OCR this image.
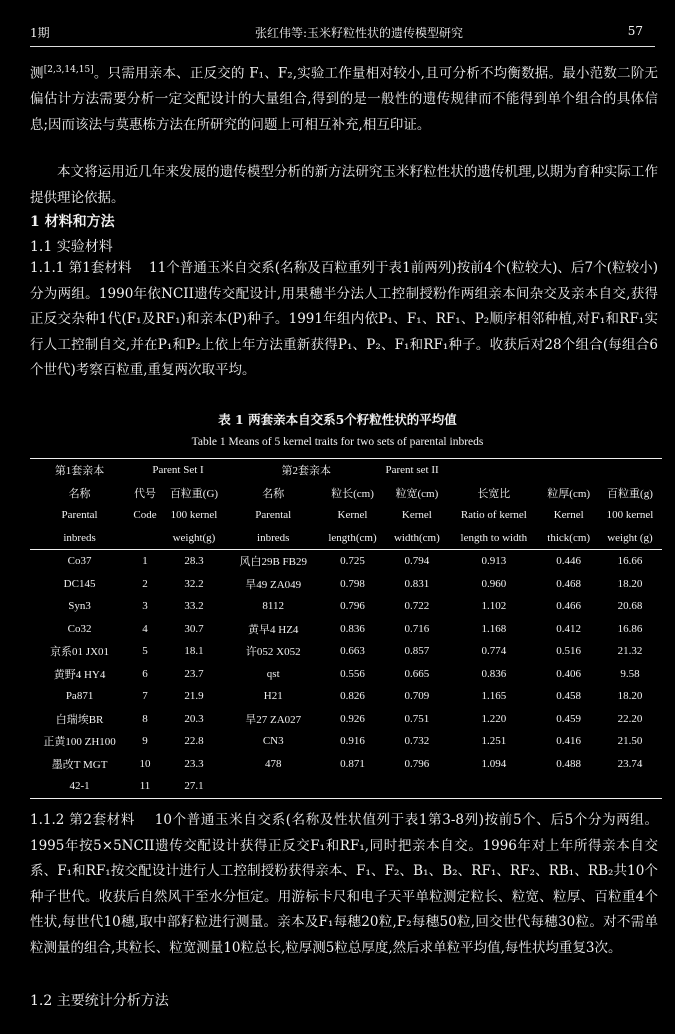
1期	张红伟等:玉米籽粒性状的遗传模型研究	57
测[2,3,14,15]。只需用亲本、正反交的 F₁、F₂,实验工作量相对较小,且可分析不均衡数据。最小范数二阶无偏估计方法需要分析一定交配设计的大量组合,得到的是一般性的遗传规律而不能得到单个组合的具体信息;因而该法与莫惠栋方法在所研究的问题上可相互补充,相互印证。
本文将运用近几年来发展的遗传模型分析的新方法研究玉米籽粒性状的遗传机理,以期为育种实际工作提供理论依据。
1 材料和方法
1.1 实验材料
1.1.1 第1套材料 11个普通玉米自交系(名称及百粒重列于表1前两列)按前4个(粒较大)、后7个(粒较小)分为两组。1990年依NCII遗传交配设计,用果穗半分法人工控制授粉作两组亲本间杂交及亲本自交,获得正反交杂种1代(F₁及RF₁)和亲本(P)种子。1991年组内依P₁、F₁、RF₁、P₂顺序相邻种植,对F₁和RF₁实行人工控制自交,并在P₁和P₂上依上年方法重新获得P₁、P₂、F₁和RF₁种子。收获后对28个组合(每组合6个世代)考察百粒重,重复两次取平均。
表 1 两套亲本自交系5个籽粒性状的平均值
Table 1 Means of 5 kernel traits for two sets of parental inbreds
第1套亲本	Parent Set I		第2套亲本		Parent set II			
名称	代号	百粒重(G)	名称	粒长(cm)	粒宽(cm)	长宽比	粒厚(cm)	百粒重(g)
Parental	Code	100 kernel	Parental	Kernel	Kernel	Ratio of kernel	Kernel	100 kernel
inbreds		weight(g)	inbreds	length(cm)	width(cm)	length to width	thick(cm)	weight (g)
Co37	1	28.3	风白29B FB29	0.725	0.794	0.913	0.446	16.66
DC145	2	32.2	旱49 ZA049	0.798	0.831	0.960	0.468	18.20
Syn3	3	33.2	8112	0.796	0.722	1.102	0.466	20.68
Co32	4	30.7	黄早4 HZ4	0.836	0.716	1.168	0.412	16.86
京系01 JX01	5	18.1	许052 X052	0.663	0.857	0.774	0.516	21.32
黄野4 HY4	6	23.7	qst	0.556	0.665	0.836	0.406	9.58
Pa871	7	21.9	H21	0.826	0.709	1.165	0.458	18.20
白瑞埃BR	8	20.3	旱27 ZA027	0.926	0.751	1.220	0.459	22.20
正黄100 ZH100	9	22.8	CN3	0.916	0.732	1.251	0.416	21.50
墨改T MGT	10	23.3	478	0.871	0.796	1.094	0.488	23.74
42-1	11	27.1						
1.1.2 第2套材料 10个普通玉米自交系(名称及性状值列于表1第3-8列)按前5个、后5个分为两组。1995年按5×5NCII遗传交配设计获得正反交F₁和RF₁,同时把亲本自交。1996年对上年所得亲本自交系、F₁和RF₁按交配设计进行人工控制授粉获得亲本、F₁、F₂、B₁、B₂、RF₁、RF₂、RB₁、RB₂共10个种子世代。收获后自然风干至水分恒定。用游标卡尺和电子天平单粒测定粒长、粒宽、粒厚、百粒重4个性状,每世代10穗,取中部籽粒进行测量。亲本及F₁每穗20粒,F₂每穗50粒,回交世代每穗30粒。对不需单粒测量的组合,其粒长、粒宽测量10粒总长,粒厚测5粒总厚度,然后求单粒平均值,每性状均重复3次。
1.2 主要统计分析方法
